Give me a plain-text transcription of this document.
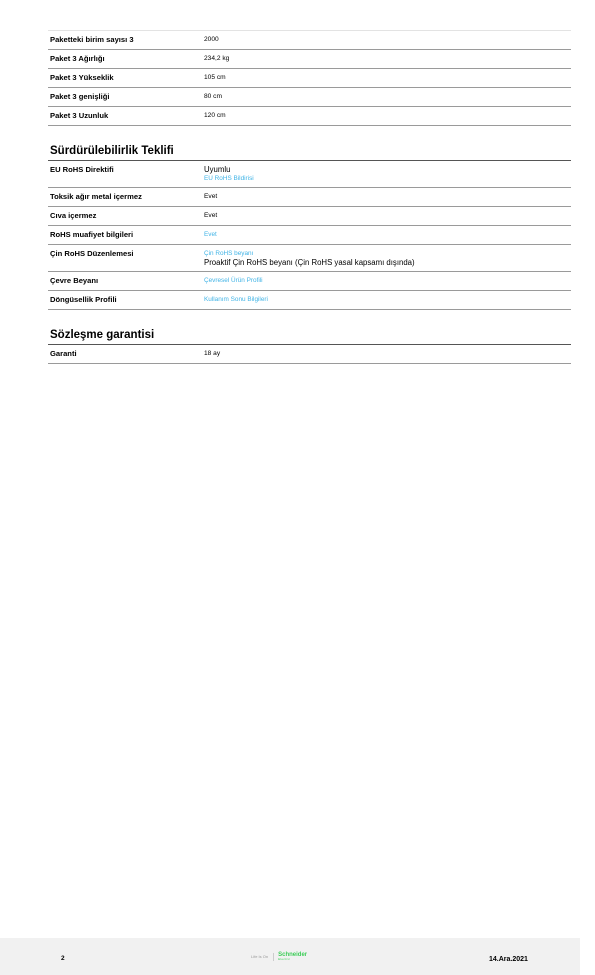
Paketteki birim sayısı 3	2000
Paket 3 Ağırlığı	234,2 kg
Paket 3 Yükseklik	105 cm
Paket 3 genişliği	80 cm
Paket 3 Uzunluk	120 cm
Sürdürülebilirlik Teklifi
EU RoHS Direktifi	Uyumlu
EU RoHS Bildirisi
Toksik ağır metal içermez	Evet
Cıva içermez	Evet
RoHS muafiyet bilgileri	Evet
Çin RoHS Düzenlemesi	Çin RoHS beyanı
Proaktif Çin RoHS beyanı (Çin RoHS yasal kapsamı dışında)
Çevre Beyanı	Çevresel Ürün Profili
Döngüsellik Profili	Kullanım Sonu Bilgileri
Sözleşme garantisi
Garanti	18 ay
2	Life Is On	Schneider
Electric	14.Ara.2021
